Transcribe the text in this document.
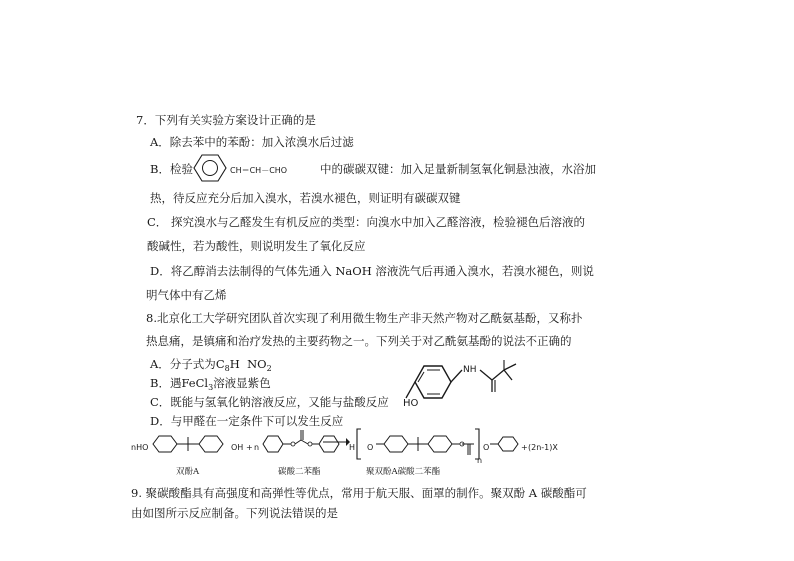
7．下列有关实验方案设计正确的是
A．除去苯中的苯酚：加入浓溴水后过滤
B．检验	CH＝CH－CHO	中的碳碳双键：加入足量新制氢氧化铜悬浊液，水浴加
热，待反应充分后加入溴水，若溴水褪色，则证明有碳碳双键
C． 探究溴水与乙醛发生有机反应的类型：向溴水中加入乙醛溶液，检验褪色后溶液的
酸碱性，若为酸性，则说明发生了氧化反应
D．将乙醇消去法制得的气体先通入 NaOH 溶液洗气后再通入溴水，若溴水褪色，则说
明气体中有乙烯
8.北京化工大学研究团队首次实现了利用微生物生产非天然产物对乙酰氨基酚，又称扑
热息痛，是镇痛和治疗发热的主要药物之一。下列关于对乙酰氨基酚的说法不正确的
A．分子式为$C_8H$ $NO_2$
B．遇FeCl$_3$溶液显紫色
C．既能与氢氧化钠溶液反应，又能与盐酸反应
D．与甲醛在一定条件下可以发生反应
NH
HO
nHO	OH + n	→ H O
n
O	+ (2n-1)X
双酚A	碳酸二苯酯	聚双酚A碳酸二苯酯
9. 聚碳酸酯具有高强度和高弹性等优点，常用于航天服、面罩的制作。聚双酚 A 碳酸酯可
由如图所示反应制备。下列说法错误的是
